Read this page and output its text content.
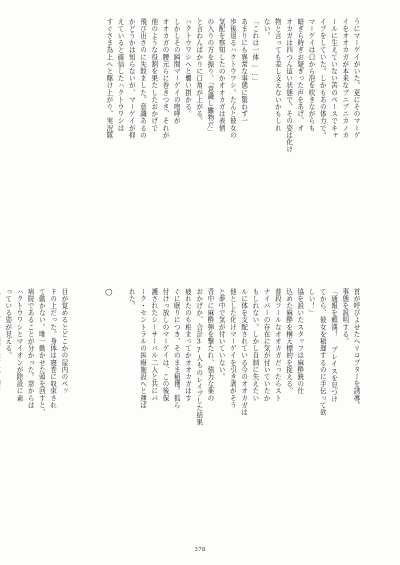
うにマーゲイがいた。更にそのマーゲ
イをオオカガが本来なブニブニカノカ
ールに生えていない筈のペースでキャ
イプをしていた。しかもあの体力で。
マーゲイは口から泡を吹きながらも
暗ぎら時ぎお疑ぎった声をあげ、オ
オカガは四つん這い状態で、その姿は化け
物と言っても差し支えないかもしれ
ない。
「これは一体……」
あまりにも異常な事態に驚わず一
歩後退るハクトウワシ。たんと彼女の
気配を察知したのかオオカガは表情
の入りの方を振り、「意識し難物だ」
と言わんばかりに口角が上がる。
ハクトウワシへと襲い掛かる。
しかしその瞬間マーゲイの咆哮が
オオカガの腰元らに巻きつき、それが
他のような役割を果たしたおかげで
飛び出さのに失敗ました。意識あるの
かどうかは知らないが、マーゲイが抑
えていると確信したハクトウワシは
すぐさま為上へと駆け上がり、実況隊
首が呼びよせたヘリコプターを誘導。
事態を説明する。
「通報を頼漢！ プレイスを見つけ
てから、彼女を稲遅するのに手伝って欲
しい！」
協を説いたスタッフは麻酔銃の仕
込めた麻酔を構え標的を捉える。
普段フールなオオカガだったらスト
ナイパーの存在に気が付いていたか
もしれない。しかし自制に失えたい
ルに体を支配されている今のオオカガは
他とした化けマーゲイを引き剥がそう
と夢中で気が付いていない。
背中に麻酔弾を撃たれ、強力な薬の
おかげか、合計3?人ものレイプした結果
疲れたのも相まってかオオカガはす
ぐに眠りにつき、そのまま稲獲。狐ら
付けっ放しのマーゲイは、この後保
護されたシーサーバル二人と共にパ
ーク・セントラルの医療施設へと運ば
れた。
◯
目が覚めるとどこかの屋内のベッ
ドの上だった。身体は寝巻に収束され
て動かない。唯一動かせた頭を回すと、
病院であることが分かった。窓からは
ハクトウワシとマイオンが除設に素
っている姿が見える。
378
